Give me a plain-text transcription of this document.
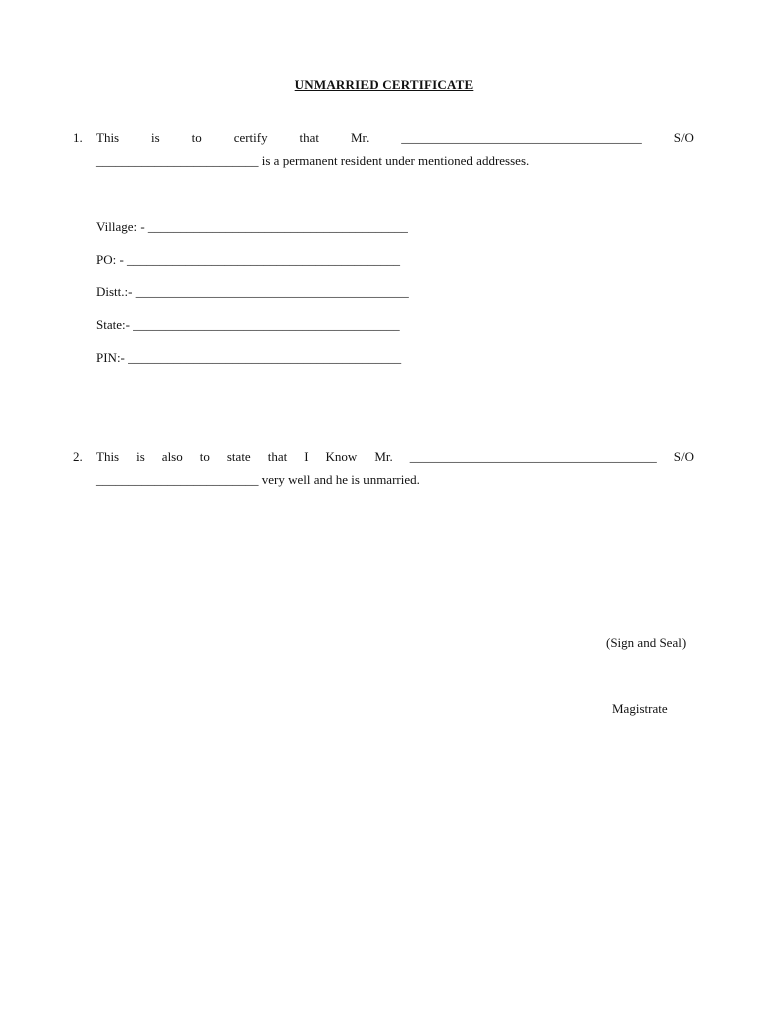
UNMARRIED CERTIFICATE
1. This is to certify that Mr. _____________________________________ S/O
_________________________ is a permanent resident under mentioned addresses.
Village: - ________________________________________
PO: - __________________________________________
Distt.:- __________________________________________
State:- _________________________________________
PIN:- __________________________________________
2. This is also to state that I Know Mr. ______________________________________ S/O
_________________________ very well and he is unmarried.
(Sign and Seal)
Magistrate
